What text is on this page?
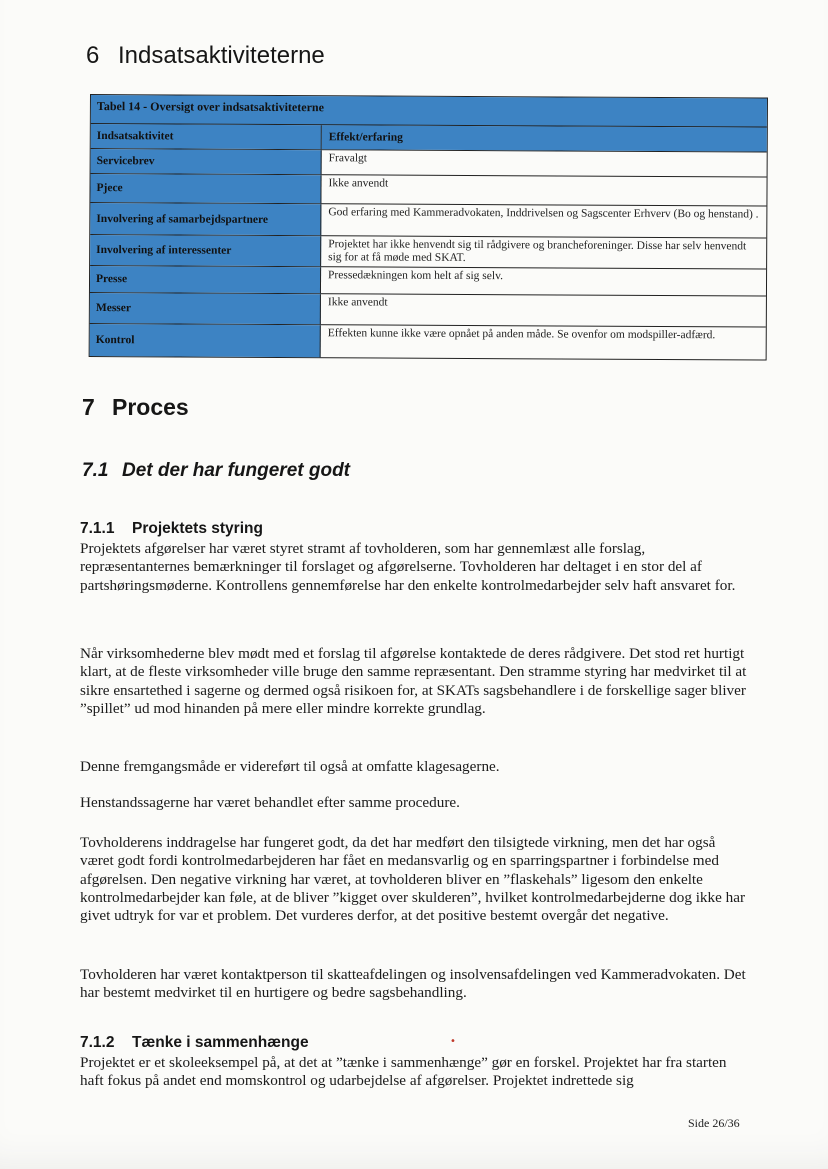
6 Indsatsaktiviteterne
Tabel 14 - Oversigt over indsatsaktiviteterne
Indsatsaktivitet	Effekt/erfaring
Servicebrev	Fravalgt
Pjece	Ikke anvendt
Involvering af samarbejdspartnere	God erfaring med Kammeradvokaten, Inddrivelsen og Sagscenter Erhverv (Bo og henstand) .
Involvering af interessenter	Projektet har ikke henvendt sig til rådgivere og brancheforeninger. Disse har selv henvendt sig for at få møde med SKAT.
Presse	Pressedækningen kom helt af sig selv.
Messer	Ikke anvendt
Kontrol	Effekten kunne ikke være opnået på anden måde. Se ovenfor om modspiller-adfærd.
7 Proces
7.1 Det der har fungeret godt
7.1.1 Projektets styring

Projektets afgørelser har været styret stramt af tovholderen, som har gennemlæst alle forslag, repræsentanternes bemærkninger til forslaget og afgørelserne. Tovholderen har deltaget i en stor del af partshøringsmøderne. Kontrollens gennemførelse har den enkelte kontrolmedarbejder selv haft ansvaret for.

Når virksomhederne blev mødt med et forslag til afgørelse kontaktede de deres rådgivere. Det stod ret hurtigt klart, at de fleste virksomheder ville bruge den samme repræsentant. Den stramme styring har medvirket til at sikre ensartethed i sagerne og dermed også risikoen for, at SKATs sagsbehandlere i de forskellige sager bliver ”spillet” ud mod hinanden på mere eller mindre korrekte grundlag.

Denne fremgangsmåde er videreført til også at omfatte klagesagerne.

Henstandssagerne har været behandlet efter samme procedure.

Tovholderens inddragelse har fungeret godt, da det har medført den tilsigtede virkning, men det har også været godt fordi kontrolmedarbejderen har fået en medansvarlig og en sparringspartner i forbindelse med afgørelsen. Den negative virkning har været, at tovholderen bliver en ”flaskehals” ligesom den enkelte kontrolmedarbejder kan føle, at de bliver ”kigget over skulderen”, hvilket kontrolmedarbejderne dog ikke har givet udtryk for var et problem. Det vurderes derfor, at det positive bestemt overgår det negative.

Tovholderen har været kontaktperson til skatteafdelingen og insolvensafdelingen ved Kammeradvokaten. Det har bestemt medvirket til en hurtigere og bedre sagsbehandling.

7.1.2 Tænke i sammenhænge	•

Projektet er et skoleeksempel på, at det at ”tænke i sammenhænge” gør en forskel. Projektet har fra starten haft fokus på andet end momskontrol og udarbejdelse af afgørelser. Projektet indrettede sig

Side 26/36
